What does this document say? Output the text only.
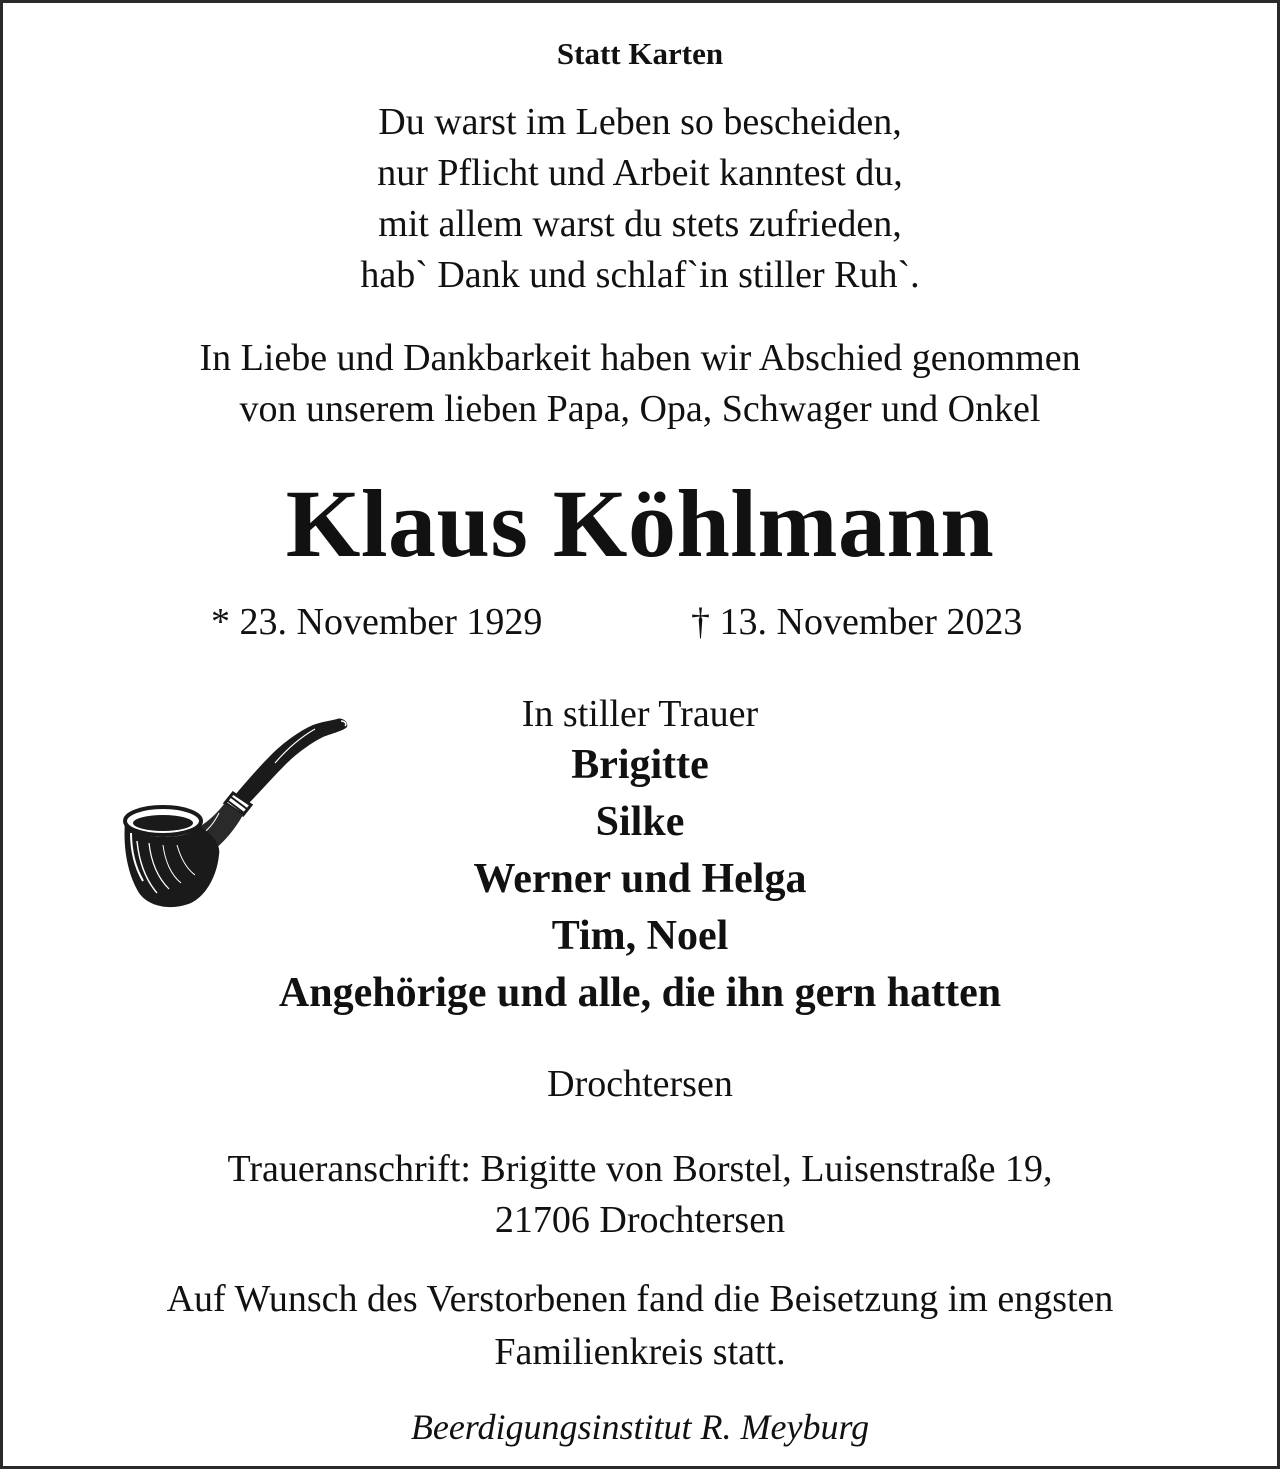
Statt Karten
Du warst im Leben so bescheiden,
nur Pflicht und Arbeit kanntest du,
mit allem warst du stets zufrieden,
hab` Dank und schlaf`in stiller Ruh`.
In Liebe und Dankbarkeit haben wir Abschied genommen
von unserem lieben Papa, Opa, Schwager und Onkel
Klaus Köhlmann
* 23. November 1929	† 13. November 2023
In stiller Trauer
Brigitte
Silke
Werner und Helga
Tim, Noel
Angehörige und alle, die ihn gern hatten
Drochtersen
Traueranschrift: Brigitte von Borstel, Luisenstraße 19,
21706 Drochtersen
Auf Wunsch des Verstorbenen fand die Beisetzung im engsten
Familienkreis statt.
Beerdigungsinstitut R. Meyburg
